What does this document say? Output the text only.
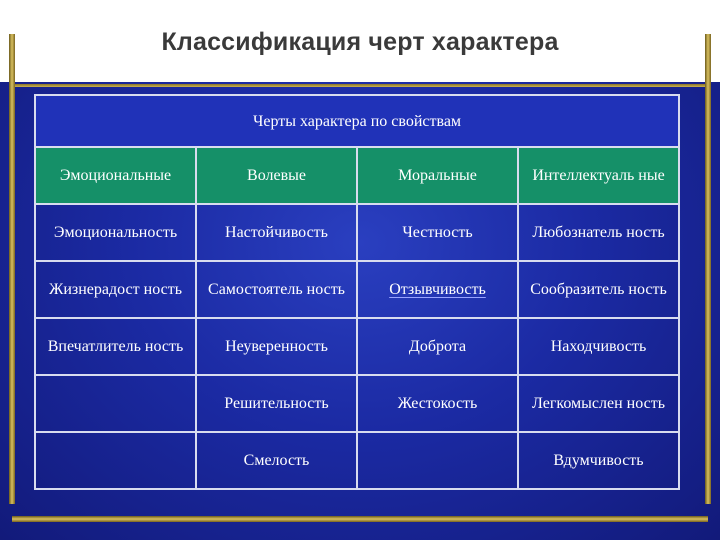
Классификация черт характера
Черты характера по свойствам			

Эмоциональные	Волевые	Моральные	Интеллектуаль ные

Эмоциональность	Настойчивость	Честность	Любознатель ность

Жизнерадост ность	Самостоятель ность	Отзывчивость	Сообразитель ность

Впечатлитель ность	Неуверенность	Доброта	Находчивость

	Решительность	Жестокость	Легкомыслен ность

	Смелость		Вдумчивость
